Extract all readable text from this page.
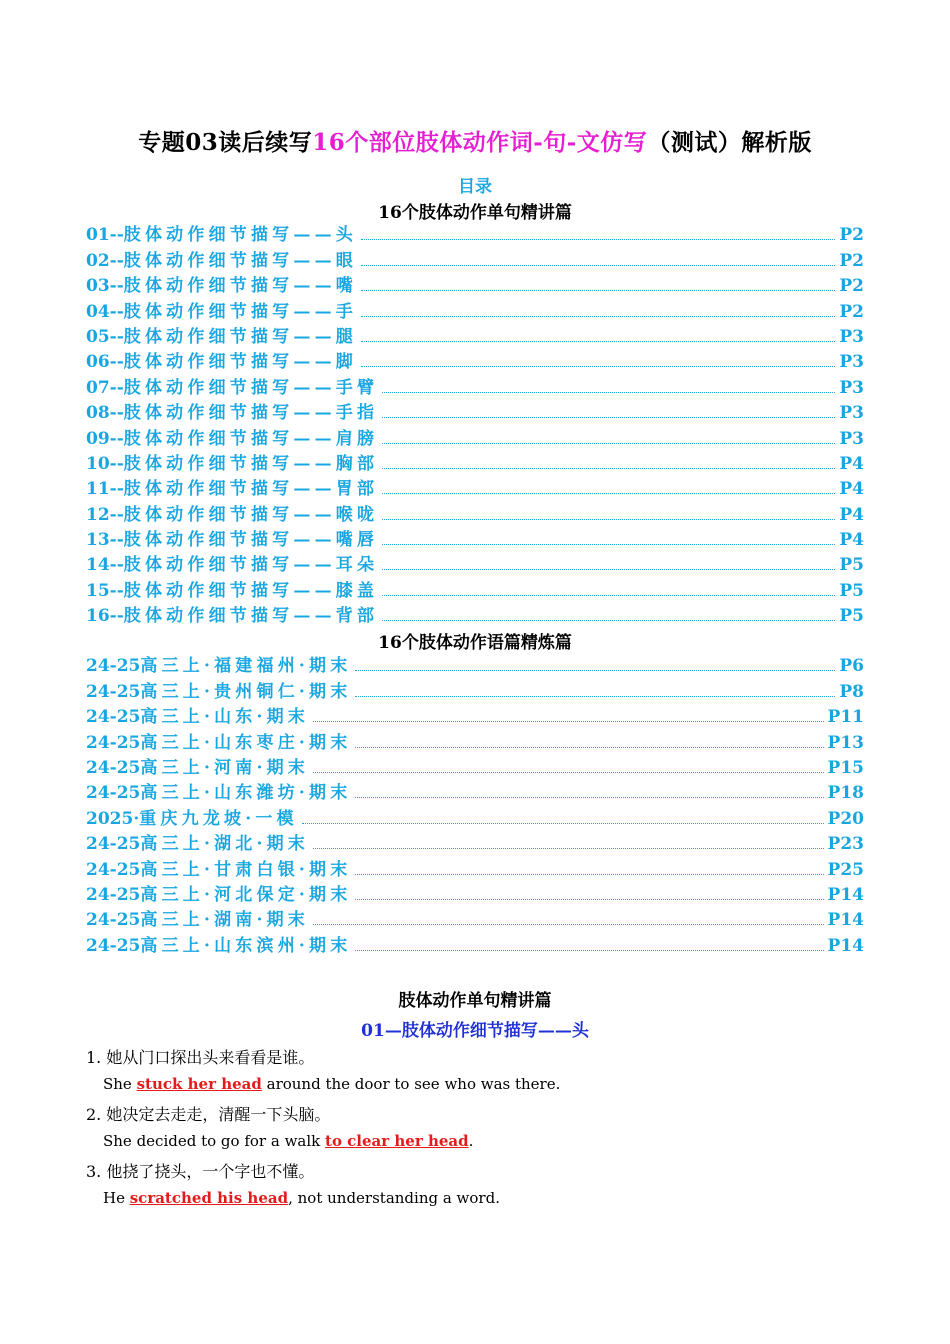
专题03读后续写16个部位肢体动作词-句-文仿写（测试）解析版
目录
16个肢体动作单句精讲篇
01-- 肢体动作细节描写——头	P2
02-- 肢体动作细节描写——眼	P2
03-- 肢体动作细节描写——嘴	P2
04-- 肢体动作细节描写——手	P2
05-- 肢体动作细节描写——腿	P3
06-- 肢体动作细节描写——脚	P3
07-- 肢体动作细节描写——手臂	P3
08-- 肢体动作细节描写——手指	P3
09-- 肢体动作细节描写——肩膀	P3
10-- 肢体动作细节描写——胸部	P4
11-- 肢体动作细节描写——胃部	P4
12-- 肢体动作细节描写——喉咙	P4
13-- 肢体动作细节描写——嘴唇	P4
14-- 肢体动作细节描写——耳朵	P5
15-- 肢体动作细节描写——膝盖	P5
16-- 肢体动作细节描写——背部	P5
16个肢体动作语篇精炼篇
24-25 高三上·福建福州·期末	P6
24-25 高三上·贵州铜仁·期末	P8
24-25 高三上·山东·期末	P11
24-25 高三上·山东枣庄·期末	P13
24-25 高三上·河南·期末	P15
24-25 高三上·山东潍坊·期末	P18
2025· 重庆九龙坡·一模	P20
24-25 高三上·湖北·期末	P23
24-25 高三上·甘肃白银·期末	P25
24-25 高三上·河北保定·期末	P14
24-25 高三上·湖南·期末	P14
24-25 高三上·山东滨州·期末	P14
肢体动作单句精讲篇
01—肢体动作细节描写——头
1. 她从门口探出头来看看是谁。
She stuck her head around the door to see who was there.
2. 她决定去走走，清醒一下头脑。
She decided to go for a walk to clear her head.
3. 他挠了挠头，一个字也不懂。
He scratched his head, not understanding a word.
